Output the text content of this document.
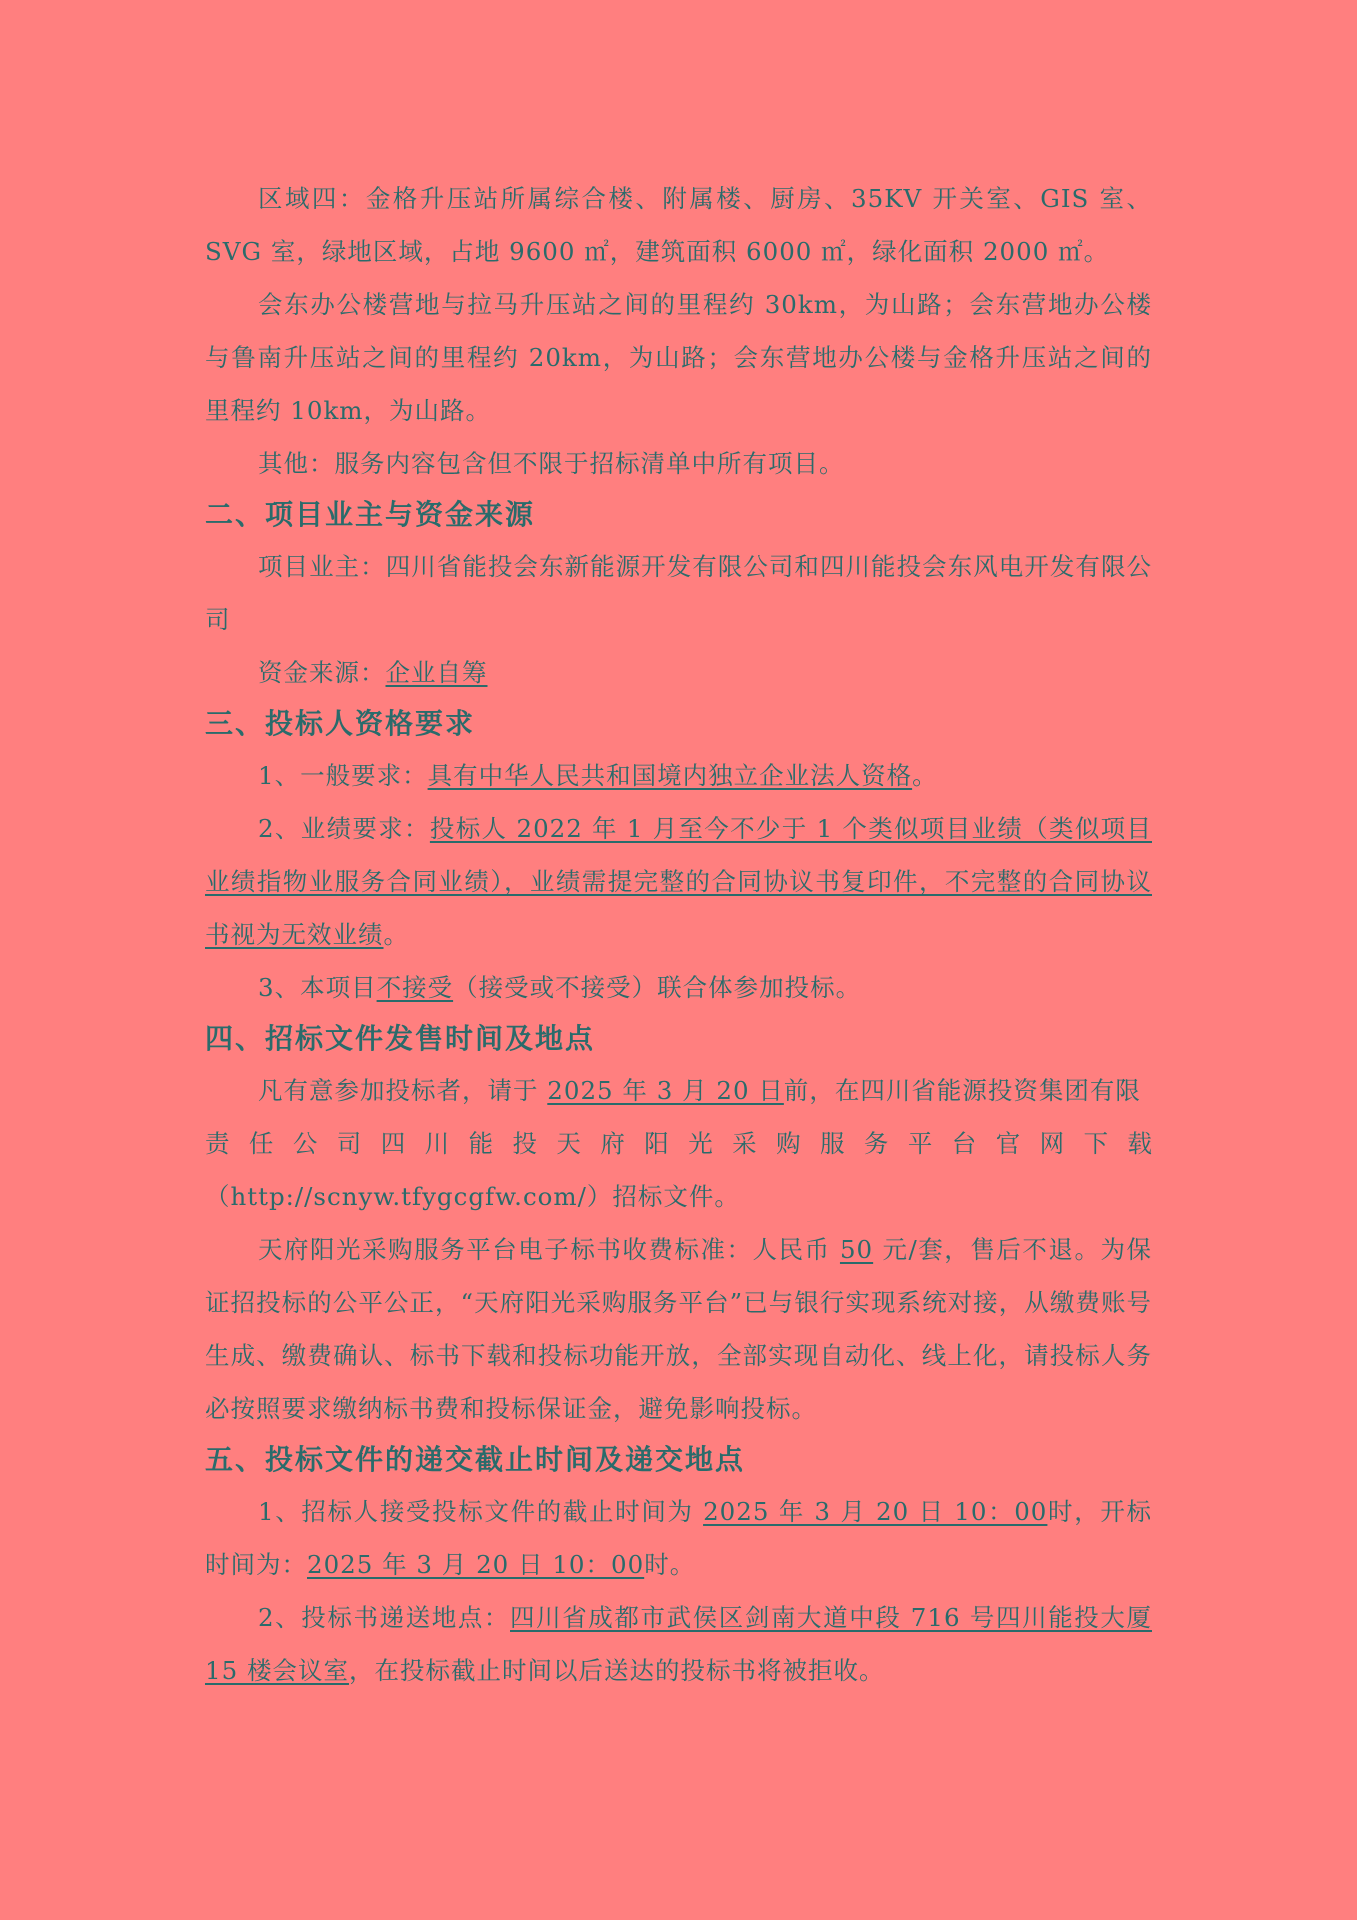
区域四：金格升压站所属综合楼、附属楼、厨房、35KV 开关室、GIS 室、SVG 室，绿地区域，占地 9600 ㎡，建筑面积 6000 ㎡，绿化面积 2000 ㎡。

会东办公楼营地与拉马升压站之间的里程约 30km，为山路；会东营地办公楼与鲁南升压站之间的里程约 20km，为山路；会东营地办公楼与金格升压站之间的里程约 10km，为山路。

其他：服务内容包含但不限于招标清单中所有项目。

二、项目业主与资金来源

项目业主：四川省能投会东新能源开发有限公司和四川能投会东风电开发有限公司

资金来源：企业自筹

三、投标人资格要求

1、一般要求：具有中华人民共和国境内独立企业法人资格。

2、业绩要求：投标人 2022 年 1 月至今不少于 1 个类似项目业绩（类似项目业绩指物业服务合同业绩），业绩需提完整的合同协议书复印件，不完整的合同协议书视为无效业绩。

3、本项目不接受（接受或不接受）联合体参加投标。

四、招标文件发售时间及地点

凡有意参加投标者，请于 2025 年 3 月 20 日前，在四川省能源投资集团有限

责任公司四川能投天府阳光采购服务平台官网下载

（http://scnyw.tfygcgfw.com/）招标文件。

天府阳光采购服务平台电子标书收费标准：人民币 50 元/套，售后不退。为保证招投标的公平公正，“天府阳光采购服务平台”已与银行实现系统对接，从缴费账号生成、缴费确认、标书下载和投标功能开放，全部实现自动化、线上化，请投标人务必按照要求缴纳标书费和投标保证金，避免影响投标。

五、投标文件的递交截止时间及递交地点

1、招标人接受投标文件的截止时间为 2025 年 3 月 20 日 10：00时，开标时间为：2025 年 3 月 20 日 10：00时。

2、投标书递送地点：四川省成都市武侯区剑南大道中段 716 号四川能投大厦 15 楼会议室，在投标截止时间以后送达的投标书将被拒收。
